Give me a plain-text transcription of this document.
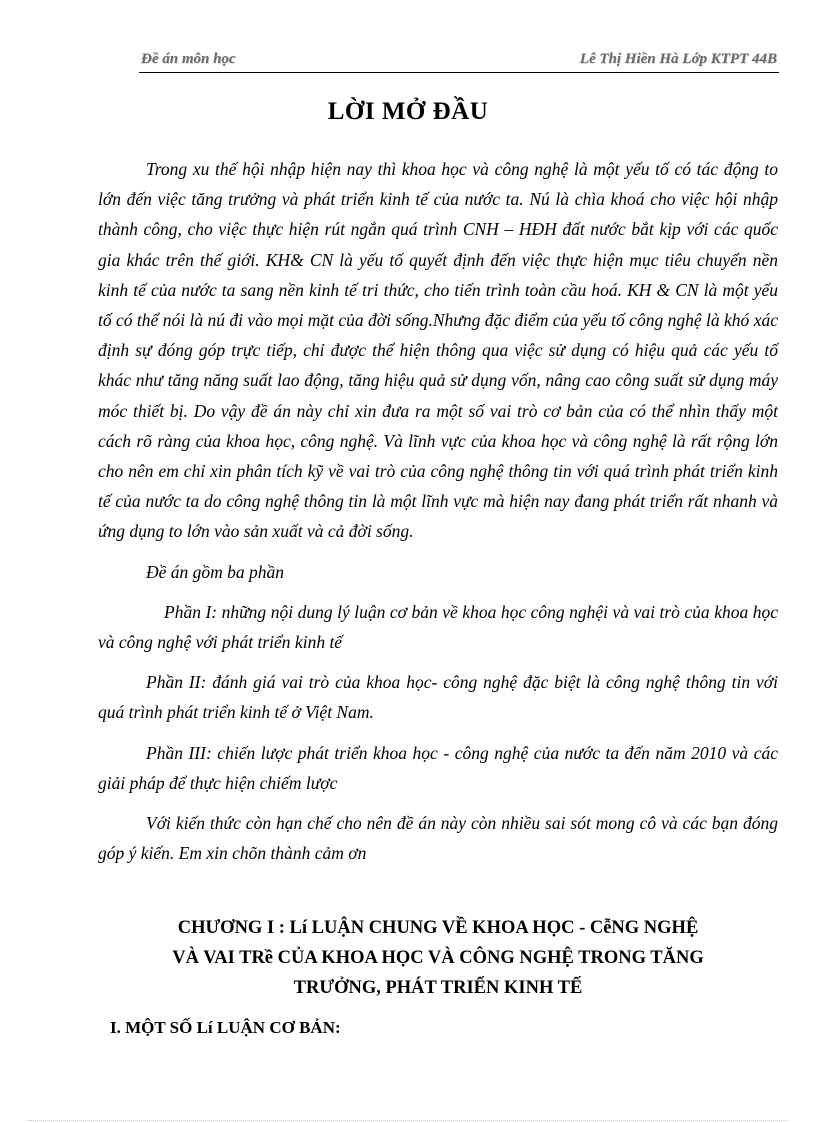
Đề án môn học	Lê Thị Hiền Hà Lớp KTPT 44B
LỜI MỞ ĐẦU

Trong xu thế hội nhập hiện nay thì khoa học và công nghệ là một yếu tố có tác động to lớn đến việc tăng trưởng và phát triển kinh tế của nước ta. Nú là chìa khoá cho việc hội nhập thành công, cho việc thực hiện rút ngắn quá trình CNH – HĐH đất nước bắt kịp với các quốc gia khác trên thế giới. KH& CN là yếu tố quyết định đến việc thực hiện mục tiêu chuyển nền kinh tế của nước ta sang nền kinh tế tri thức, cho tiến trình toàn cầu hoá. KH & CN là một yếu tố có thể nói là nú đi vào mọi mặt của đời sống.Nhưng đặc điểm của yếu tố công nghệ là khó xác định sự đóng góp trực tiếp, chỉ được thể hiện thông qua việc sử dụng có hiệu quả các yếu tố khác như tăng năng suất lao động, tăng hiệu quả sử dụng vốn, nâng cao công suất sử dụng máy móc thiết bị. Do vậy đề án này chỉ xin đưa ra một số vai trò cơ bản của có thể nhìn thấy một cách rõ ràng của khoa học, công nghệ. Và lĩnh vực của khoa học và công nghệ là rất rộng lớn cho nên em chỉ xin phân tích kỹ về vai trò của công nghệ thông tin với quá trình phát triển kinh tế của nước ta do công nghệ thông tin là một lĩnh vực mà hiện nay đang phát triển rất nhanh và ứng dụng to lớn vào sản xuất và cả đời sống.

Đề án gồm ba phần

Phần I: những nội dung lý luận cơ bản về khoa học công nghệi và vai trò của khoa học và công nghệ với phát triển kinh tế

Phần II: đánh giá vai trò của khoa học- công nghệ đặc biệt là công nghệ thông tin với quá trình phát triển kinh tế ở Việt Nam.

Phần III: chiến lược phát triển khoa học - công nghệ của nước ta đến năm 2010 và các giải pháp để thực hiện chiếm lược

Với kiến thức còn hạn chế cho nên đề án này còn nhiều sai sót mong cô và các bạn đóng góp ý kiến. Em xin chõn thành cảm ơn

CHƯƠNG I : Lí LUẬN CHUNG VỀ KHOA HỌC - CễNG NGHỆ
VÀ VAI TRề CỦA KHOA HỌC VÀ CÔNG NGHỆ TRONG TĂNG
TRƯỞNG, PHÁT TRIỂN KINH TẾ
I. MỘT SỐ Lí LUẬN CƠ BẢN:
